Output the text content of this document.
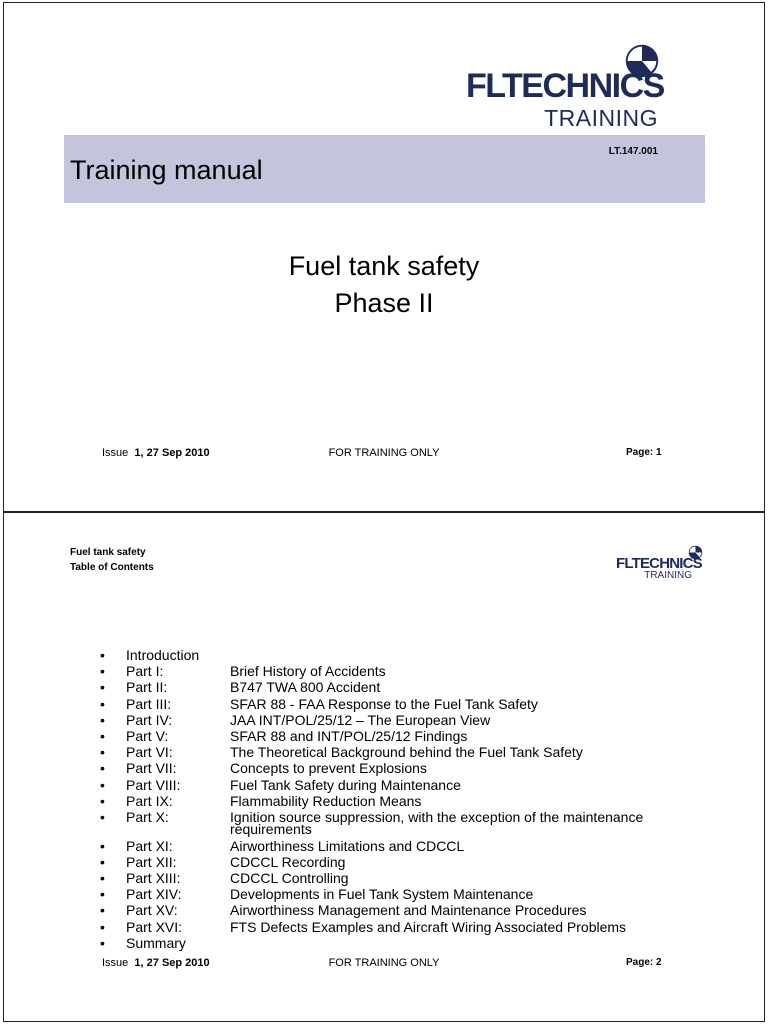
FLTECHNICS
TRAINING
Training manual
LT.147.001
Fuel tank safety
Phase II
Issue 1, 27 Sep 2010	FOR TRAINING ONLY	Page: 1
Fuel tank safety
Table of Contents	FLTECHNICS
TRAINING
• Introduction
• Part I:	Brief History of Accidents
• Part II:	B747 TWA 800 Accident
• Part III:	SFAR 88 - FAA Response to the Fuel Tank Safety
• Part IV:	JAA INT/POL/25/12 – The European View
• Part V:	SFAR 88 and INT/POL/25/12 Findings
• Part VI:	The Theoretical Background behind the Fuel Tank Safety
• Part VII:	Concepts to prevent Explosions
• Part VIII:	Fuel Tank Safety during Maintenance
• Part IX:	Flammability Reduction Means
• Part X:	Ignition source suppression, with the exception of the maintenance requirements
• Part XI:	Airworthiness Limitations and CDCCL
• Part XII:	CDCCL Recording
• Part XIII:	CDCCL Controlling
• Part XIV:	Developments in Fuel Tank System Maintenance
• Part XV:	Airworthiness Management and Maintenance Procedures
• Part XVI:	FTS Defects Examples and Aircraft Wiring Associated Problems
• Summary
Issue 1, 27 Sep 2010	FOR TRAINING ONLY	Page: 2
